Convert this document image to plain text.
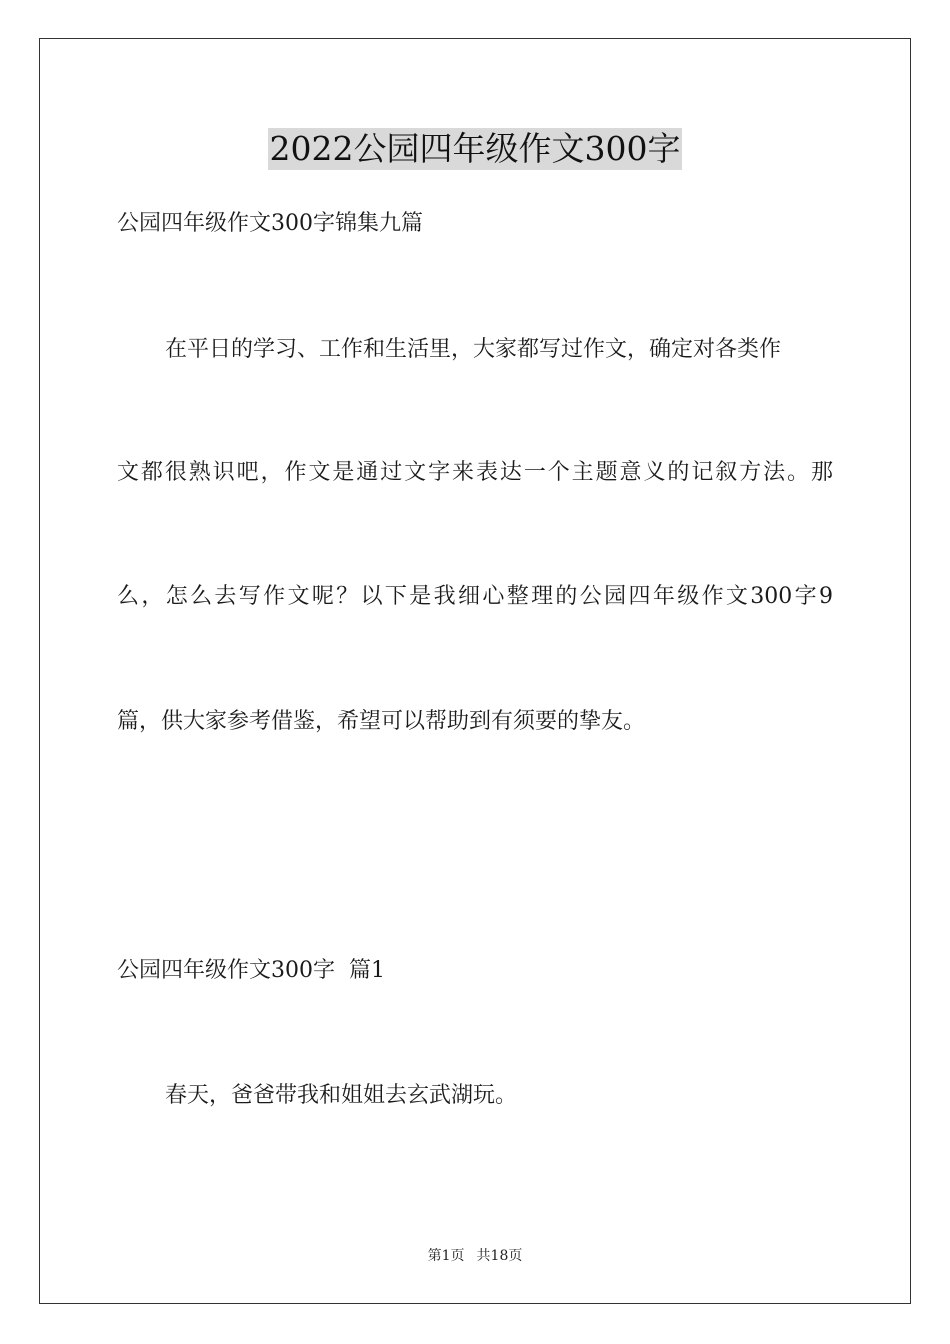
2022公园四年级作文300字
公园四年级作文300字锦集九篇
在平日的学习、工作和生活里，大家都写过作文，确定对各类作
文都很熟识吧，作文是通过文字来表达一个主题意义的记叙方法。那
么，怎么去写作文呢？以下是我细心整理的公园四年级作文300字9
篇，供大家参考借鉴，希望可以帮助到有须要的挚友。
公园四年级作文300字  篇1
春天，爸爸带我和姐姐去玄武湖玩。
第1页 共18页
